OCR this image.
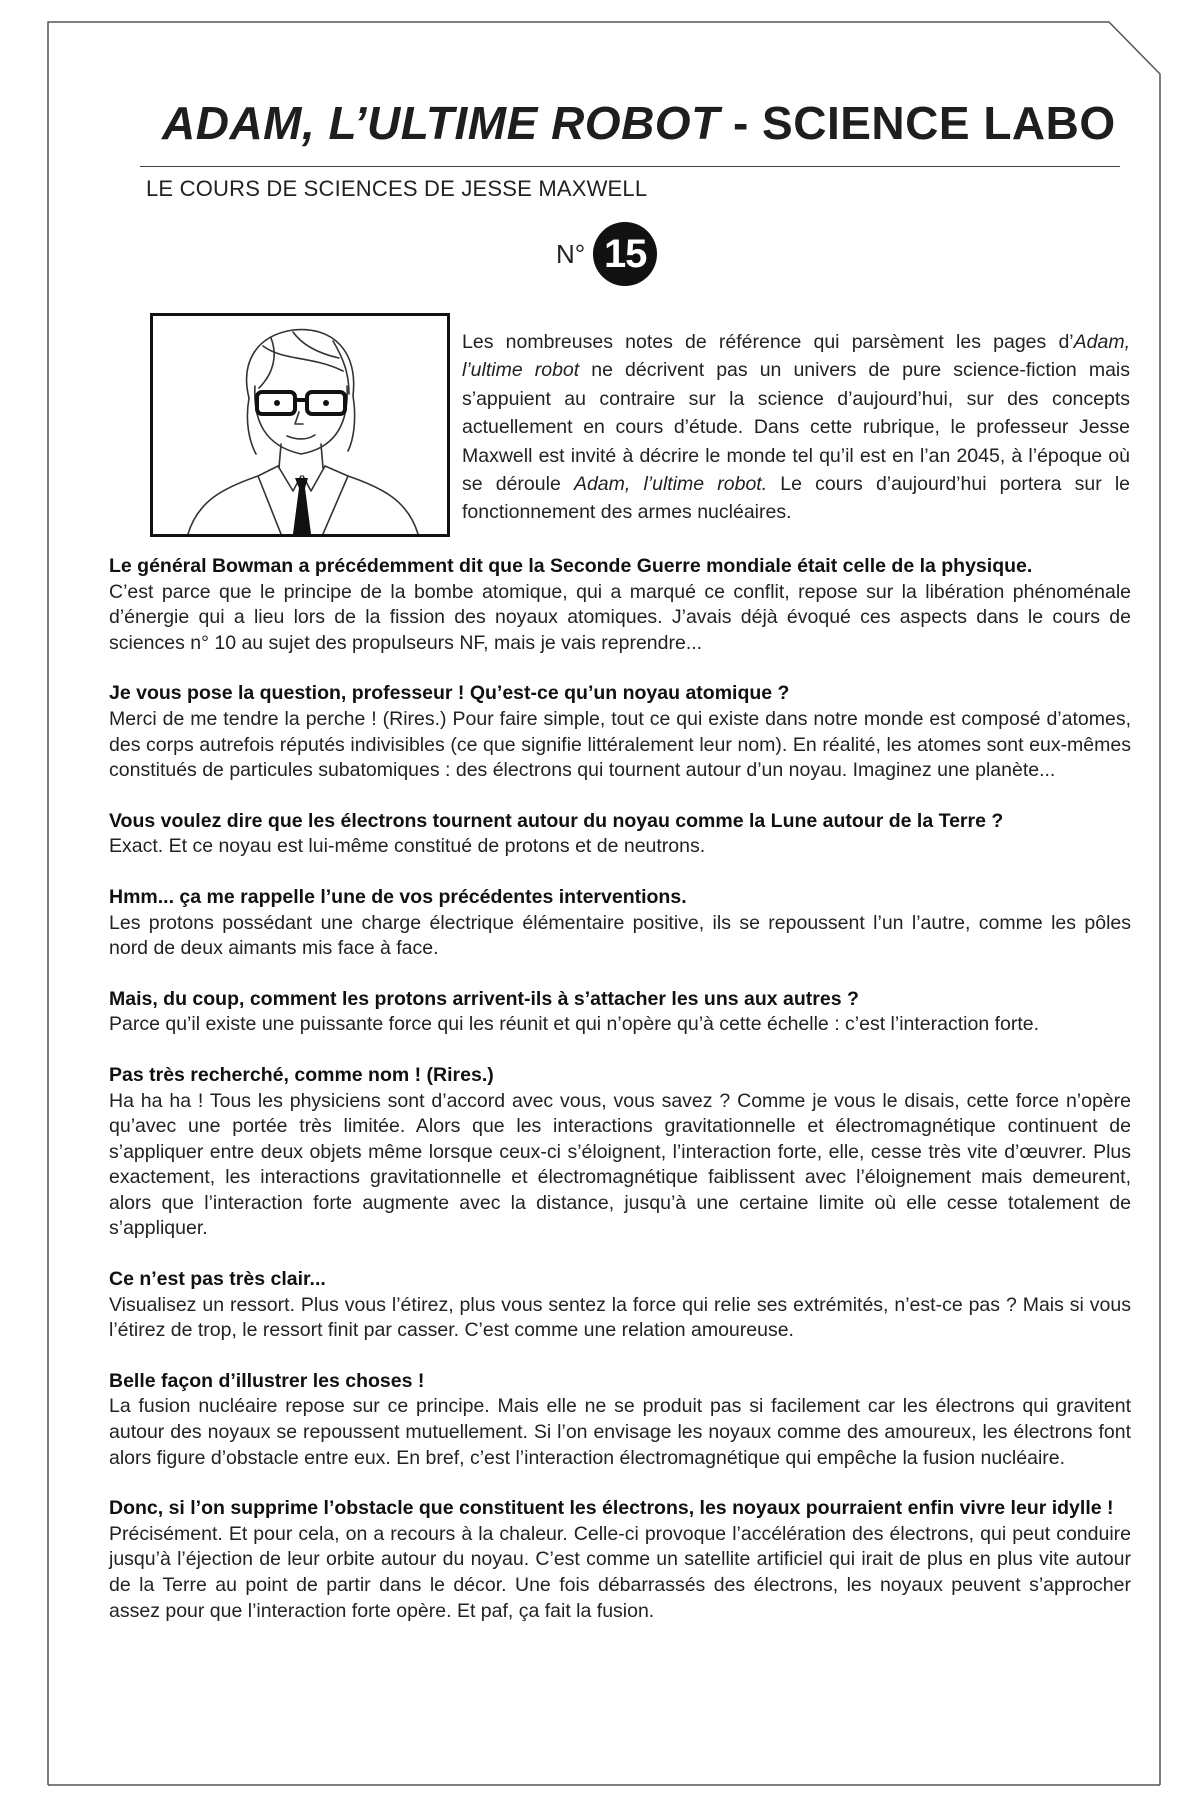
ADAM, L’ULTIME ROBOT - SCIENCE LABO
LE COURS DE SCIENCES DE JESSE MAXWELL
N° 15
Les nombreuses notes de référence qui parsèment les pages d’Adam, l’ultime robot ne décrivent pas un univers de pure science-fiction mais s’appuient au contraire sur la science d’aujourd’hui, sur des concepts actuellement en cours d’étude. Dans cette rubrique, le professeur Jesse Maxwell est invité à décrire le monde tel qu’il est en l’an 2045, à l’époque où se déroule Adam, l’ultime robot. Le cours d’aujourd’hui portera sur le fonctionnement des armes nucléaires.
Le général Bowman a précédemment dit que la Seconde Guerre mondiale était celle de la physique.
C’est parce que le principe de la bombe atomique, qui a marqué ce conflit, repose sur la libération phénoménale d’énergie qui a lieu lors de la fission des noyaux atomiques. J’avais déjà évoqué ces aspects dans le cours de sciences n° 10 au sujet des propulseurs NF, mais je vais reprendre...
Je vous pose la question, professeur ! Qu’est-ce qu’un noyau atomique ?
Merci de me tendre la perche ! (Rires.) Pour faire simple, tout ce qui existe dans notre monde est composé d’atomes, des corps autrefois réputés indivisibles (ce que signifie littéralement leur nom). En réalité, les atomes sont eux-mêmes constitués de particules subatomiques : des électrons qui tournent autour d’un noyau. Imaginez une planète...
Vous voulez dire que les électrons tournent autour du noyau comme la Lune autour de la Terre ?
Exact. Et ce noyau est lui-même constitué de protons et de neutrons.
Hmm... ça me rappelle l’une de vos précédentes interventions.
Les protons possédant une charge électrique élémentaire positive, ils se repoussent l’un l’autre, comme les pôles nord de deux aimants mis face à face.
Mais, du coup, comment les protons arrivent-ils à s’attacher les uns aux autres ?
Parce qu’il existe une puissante force qui les réunit et qui n’opère qu’à cette échelle : c’est l’interaction forte.
Pas très recherché, comme nom ! (Rires.)
Ha ha ha ! Tous les physiciens sont d’accord avec vous, vous savez ? Comme je vous le disais, cette force n’opère qu’avec une portée très limitée. Alors que les interactions gravitationnelle et électromagnétique continuent de s’appliquer entre deux objets même lorsque ceux-ci s’éloignent, l’interaction forte, elle, cesse très vite d’œuvrer. Plus exactement, les interactions gravitationnelle et électromagnétique faiblissent avec l’éloignement mais demeurent, alors que l’interaction forte augmente avec la distance, jusqu’à une certaine limite où elle cesse totalement de s’appliquer.
Ce n’est pas très clair...
Visualisez un ressort. Plus vous l’étirez, plus vous sentez la force qui relie ses extrémités, n’est-ce pas ? Mais si vous l’étirez de trop, le ressort finit par casser. C’est comme une relation amoureuse.
Belle façon d’illustrer les choses !
La fusion nucléaire repose sur ce principe. Mais elle ne se produit pas si facilement car les électrons qui gravitent autour des noyaux se repoussent mutuellement. Si l’on envisage les noyaux comme des amoureux, les électrons font alors figure d’obstacle entre eux. En bref, c’est l’interaction électromagnétique qui empêche la fusion nucléaire.
Donc, si l’on supprime l’obstacle que constituent les électrons, les noyaux pourraient enfin vivre leur idylle !
Précisément. Et pour cela, on a recours à la chaleur. Celle-ci provoque l’accélération des électrons, qui peut conduire jusqu’à l’éjection de leur orbite autour du noyau. C’est comme un satellite artificiel qui irait de plus en plus vite autour de la Terre au point de partir dans le décor. Une fois débarrassés des électrons, les noyaux peuvent s’approcher assez pour que l’interaction forte opère. Et paf, ça fait la fusion.
